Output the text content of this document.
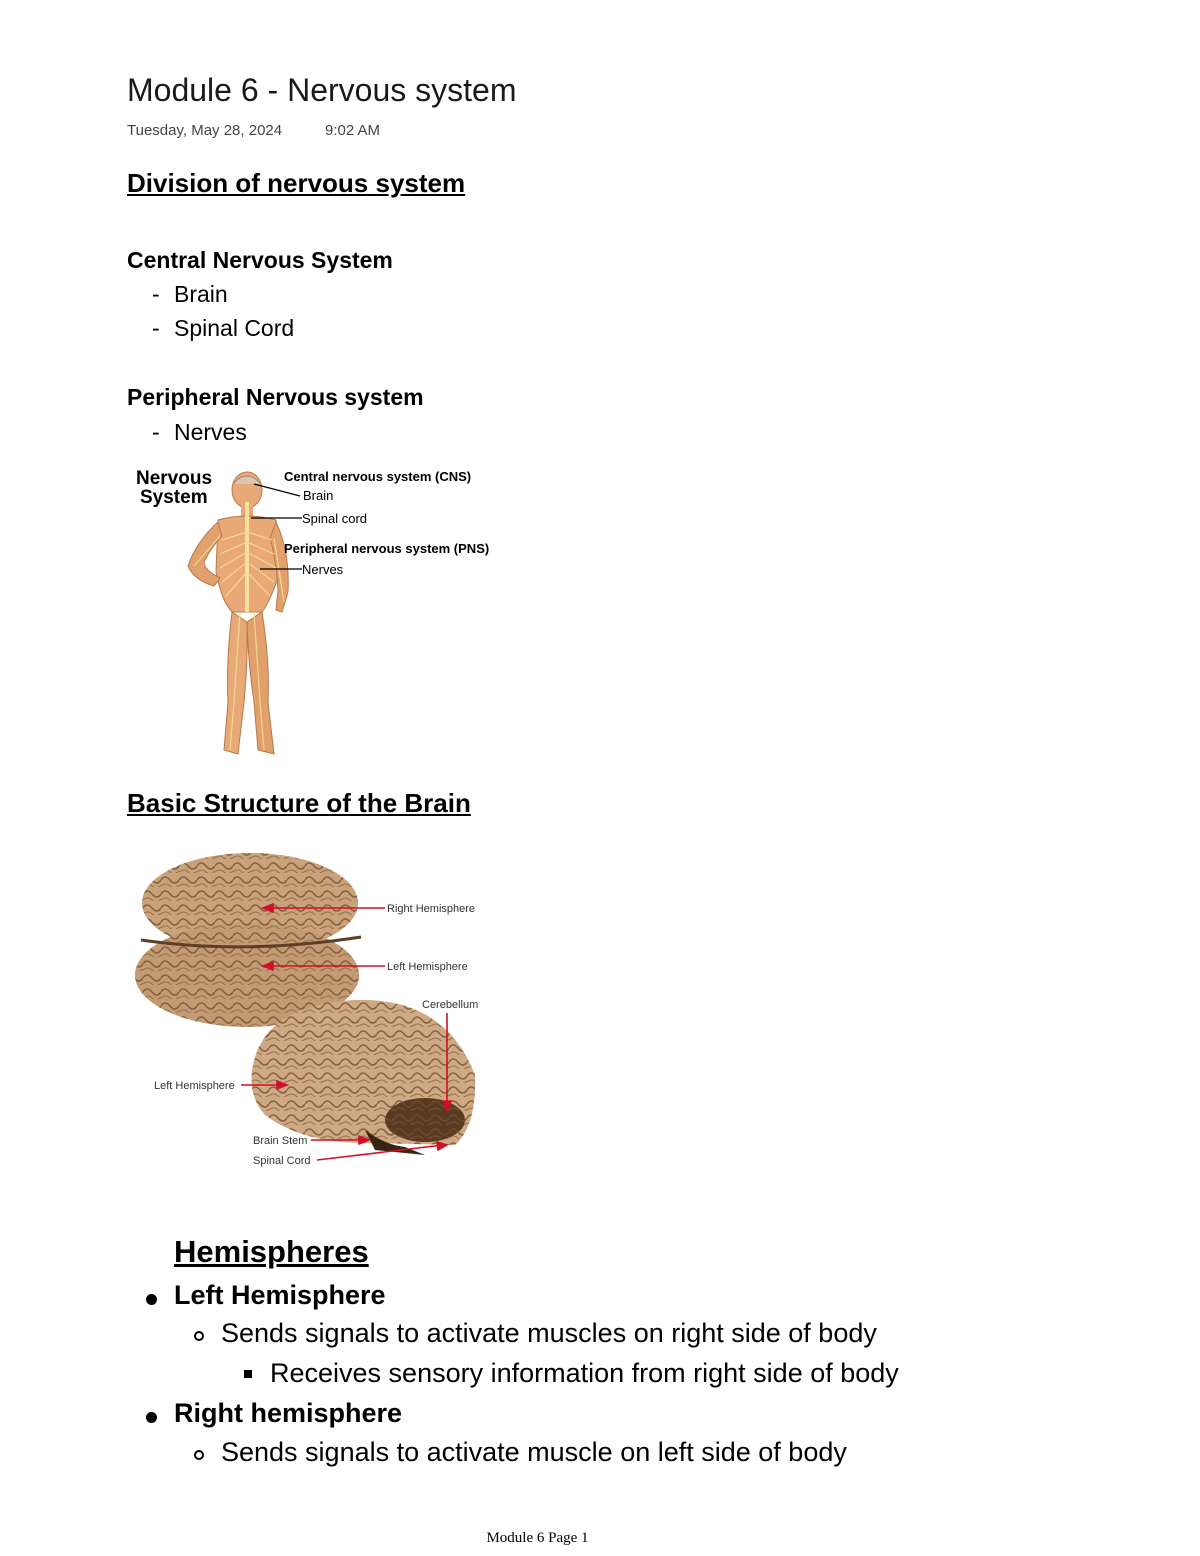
Module 6 - Nervous system
Tuesday, May 28, 2024	9:02 AM
Division of nervous system
Central Nervous System
- Brain
- Spinal Cord
Peripheral Nervous system
- Nerves
Nervous
System
Central nervous system (CNS)
Brain
Spinal cord
Peripheral nervous system (PNS)
Nerves
Basic Structure of the Brain
Right Hemisphere
Left Hemisphere
Cerebellum
Left Hemisphere
Brain Stem
Spinal Cord
Hemispheres
Left Hemisphere
Sends signals to activate muscles on right side of body
Receives sensory information from right side of body
Right hemisphere
Sends signals to activate muscle on left side of body
Module 6 Page 1
